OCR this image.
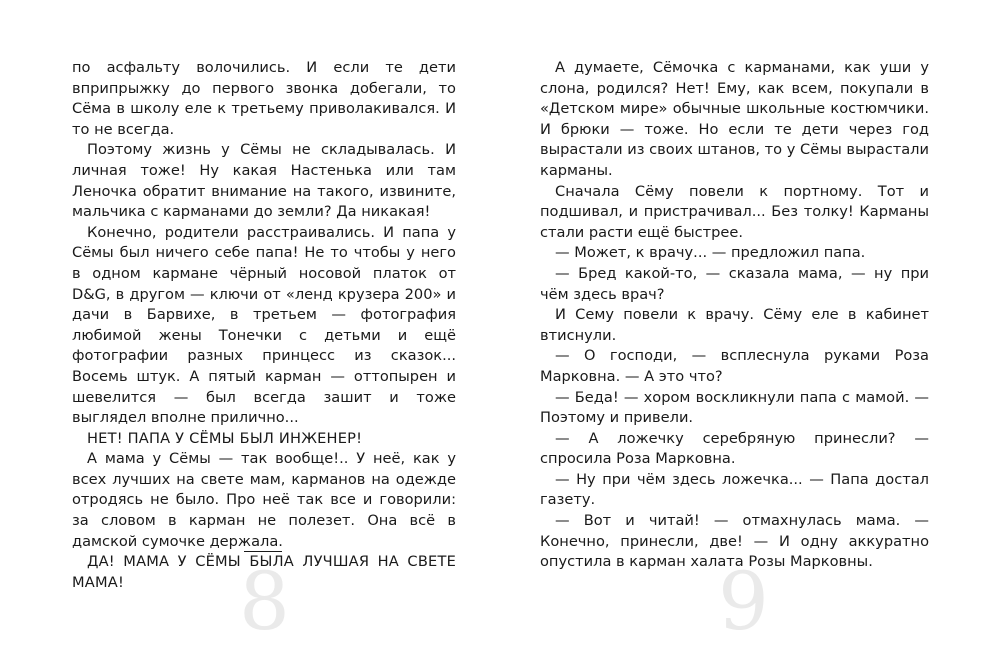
по асфальту волочились. И если те дети вприпрыжку до первого звонка добегали, то Сёма в школу еле к третьему приволакивался. И то не всегда.

Поэтому жизнь у Сёмы не складывалась. И личная тоже! Ну какая Настенька или там Леночка обратит внимание на такого, извините, мальчика с карманами до земли? Да никакая!

Конечно, родители расстраивались. И папа у Сёмы был ничего себе папа! Не то чтобы у него в одном кармане чёрный носовой платок от D&G, в другом — ключи от «ленд крузера 200» и дачи в Барвихе, в третьем — фотография любимой жены Тонечки с детьми и ещё фотографии разных принцесс из сказок... Восемь штук. А пятый карман — оттопырен и шевелится — был всегда зашит и тоже выглядел вполне прилично...

НЕТ! ПАПА У СЁМЫ БЫЛ ИНЖЕНЕР!

А мама у Сёмы — так вообще!.. У неё, как у всех лучших на свете мам, карманов на одежде отродясь не было. Про неё так все и говорили: за словом в карман не полезет. Она всё в дамской сумочке держала.

ДА! МАМА У СЁМЫ БЫЛА ЛУЧШАЯ НА СВЕТЕ МАМА!	8

А думаете, Сёмочка с карманами, как уши у слона, родился? Нет! Ему, как всем, покупали в «Детском мире» обычные школьные костюмчики. И брюки — тоже. Но если те дети через год вырастали из своих штанов, то у Сёмы вырастали карманы.

Сначала Сёму повели к портному. Тот и подшивал, и пристрачивал... Без толку! Карманы стали расти ещё быстрее.

— Может, к врачу... — предложил папа.

— Бред какой-то, — сказала мама, — ну при чём здесь врач?

И Сему повели к врачу. Сёму еле в кабинет втиснули.

— О господи, — всплеснула руками Роза Марковна. — А это что?

— Беда! — хором воскликнули папа с мамой. — Поэтому и привели.

— А ложечку серебряную принесли? — спросила Роза Марковна.

— Ну при чём здесь ложечка... — Папа достал газету.

— Вот и читай! — отмахнулась мама. — Конечно, принесли, две! — И одну аккуратно опустила в карман халата Розы Марковны.

9
